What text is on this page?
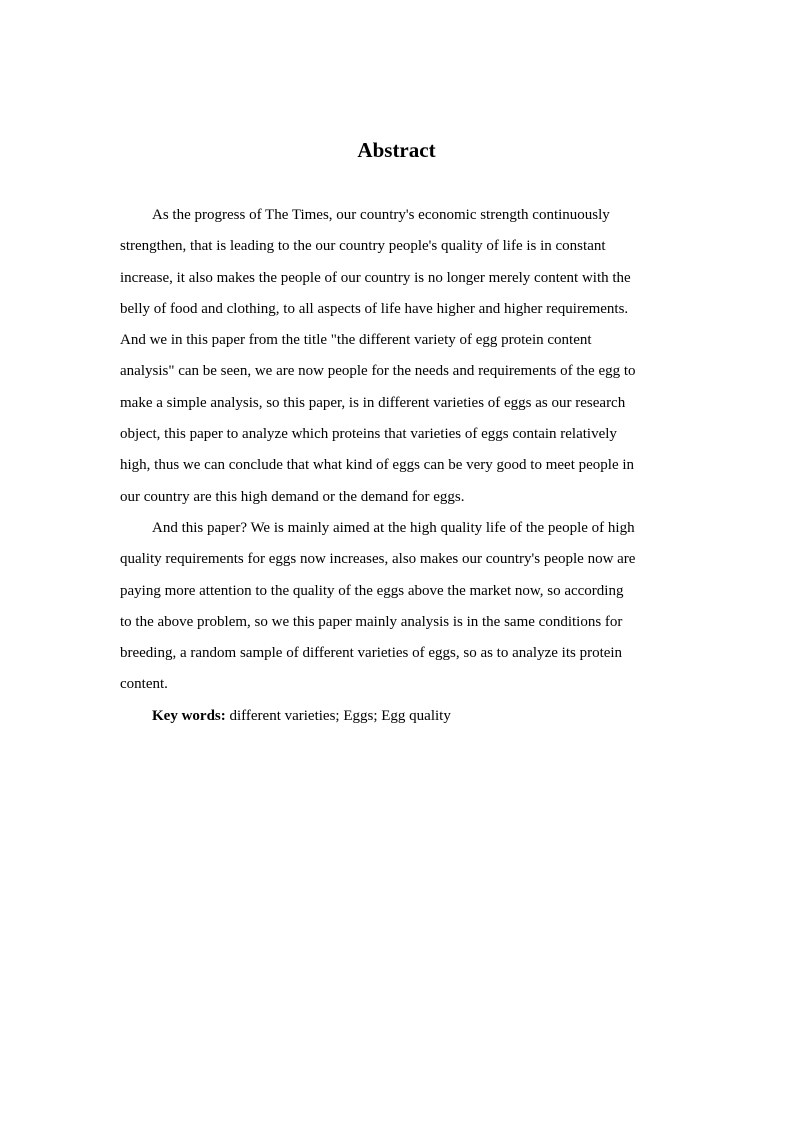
Abstract

As the progress of The Times, our country's economic strength continuously
strengthen, that is leading to the our country people's quality of life is in constant
increase, it also makes the people of our country is no longer merely content with the
belly of food and clothing, to all aspects of life have higher and higher requirements.
And we in this paper from the title "the different variety of egg protein content
analysis" can be seen, we are now people for the needs and requirements of the egg to
make a simple analysis, so this paper, is in different varieties of eggs as our research
object, this paper to analyze which proteins that varieties of eggs contain relatively
high, thus we can conclude that what kind of eggs can be very good to meet people in
our country are this high demand or the demand for eggs.

And this paper? We is mainly aimed at the high quality life of the people of high
quality requirements for eggs now increases, also makes our country's people now are
paying more attention to the quality of the eggs above the market now, so according
to the above problem, so we this paper mainly analysis is in the same conditions for
breeding, a random sample of different varieties of eggs, so as to analyze its protein
content.

Key words: different varieties; Eggs; Egg quality
